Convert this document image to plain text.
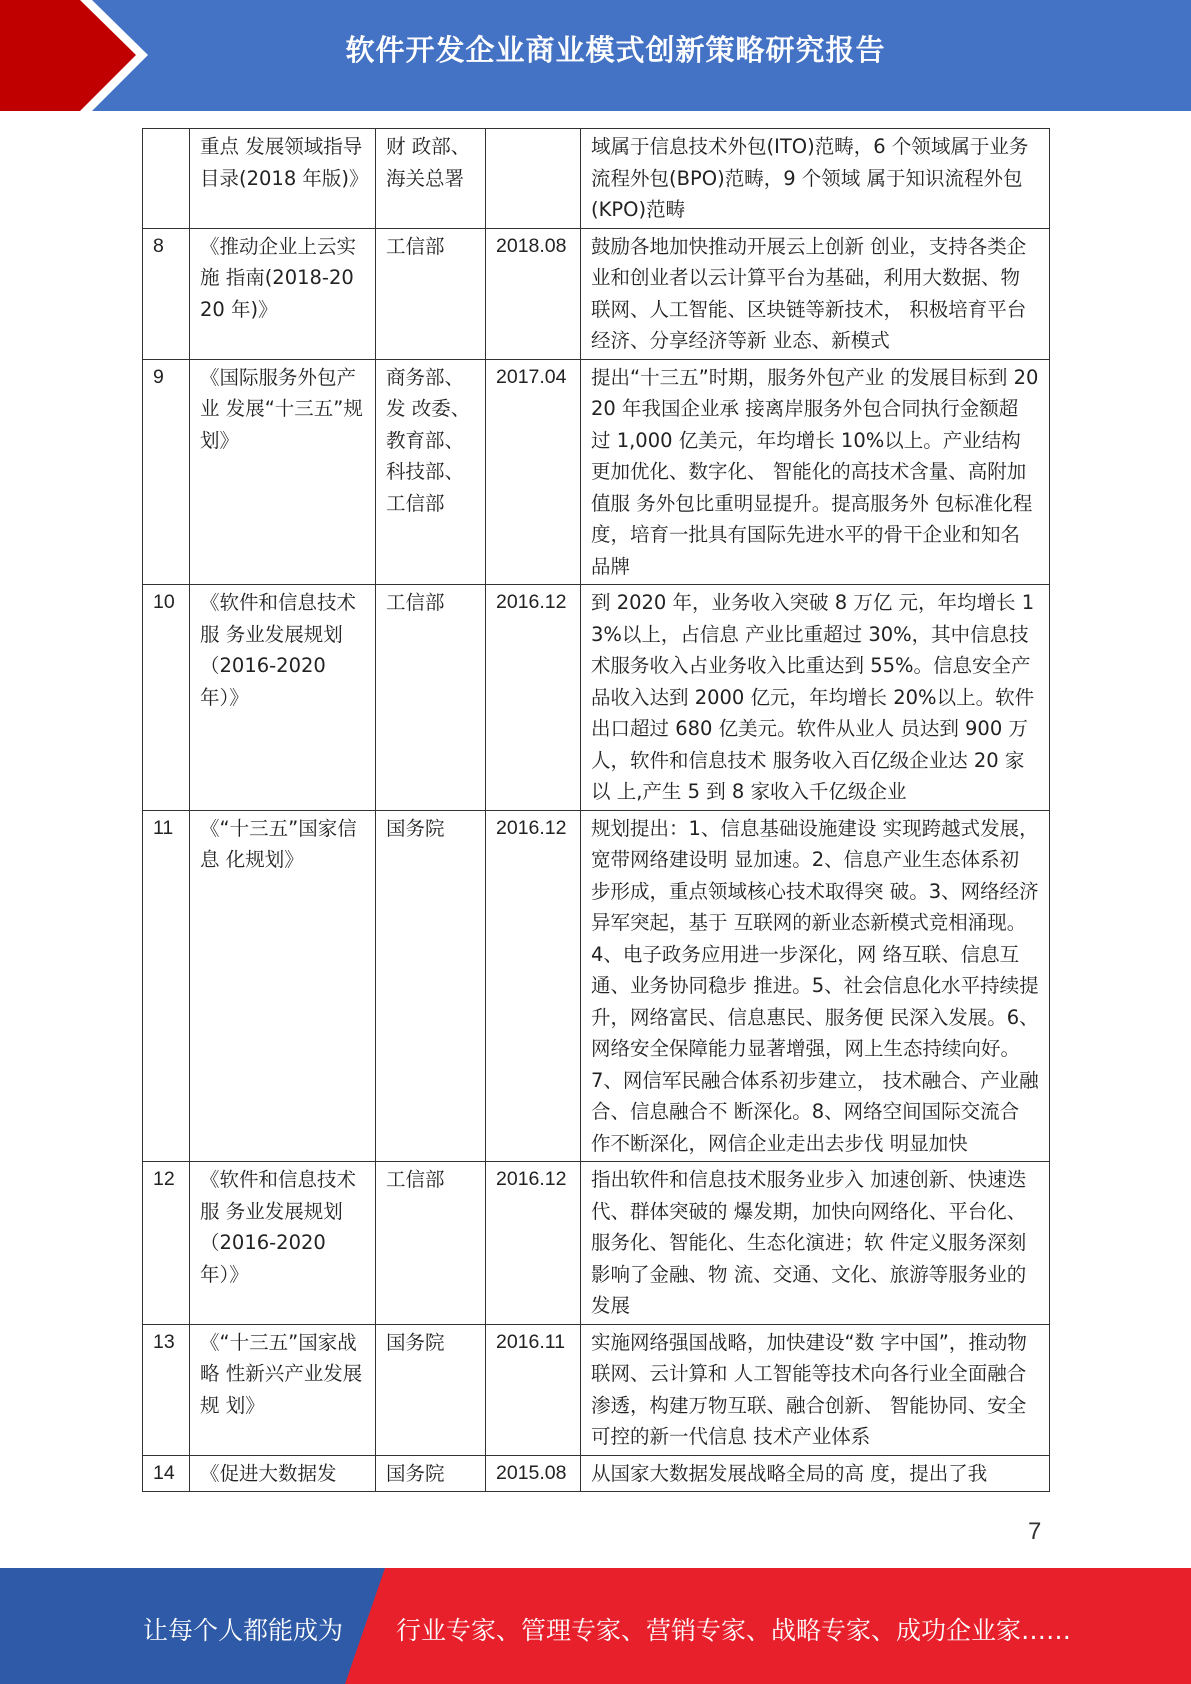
软件开发企业商业模式创新策略研究报告
	重点 发展领域指导目录(2018 年版)》	财 政部、海关总署		域属于信息技术外包(ITO)范畴，6 个领域属于业务 流程外包(BPO)范畴，9 个领域 属于知识流程外包(KPO)范畴
8	《推动企业上云实施 指南(2018-2020 年)》	工信部	2018.08	鼓励各地加快推动开展云上创新 创业，支持各类企业和创业者以云计算平台为基础，利用大数据、物 联网、人工智能、区块链等新技术， 积极培育平台经济、分享经济等新 业态、新模式
9	《国际服务外包产业 发展“十三五”规划》	商务部、发 改委、教育部、科技部、工信部	2017.04	提出“十三五”时期，服务外包产业 的发展目标到 2020 年我国企业承 接离岸服务外包合同执行金额超 过 1,000 亿美元，年均增长 10%以上。产业结构更加优化、数字化、 智能化的高技术含量、高附加值服 务外包比重明显提升。提高服务外 包标准化程度，培育一批具有国际先进水平的骨干企业和知名品牌
10	《软件和信息技术服 务业发展规划（2016-2020 年）》	工信部	2016.12	到 2020 年，业务收入突破 8 万亿 元，年均增长 13%以上，占信息 产业比重超过 30%，其中信息技 术服务收入占业务收入比重达到 55%。信息安全产品收入达到 2000 亿元，年均增长 20%以上。软件 出口超过 680 亿美元。软件从业人 员达到 900 万人，软件和信息技术 服务收入百亿级企业达 20 家以 上,产生 5 到 8 家收入千亿级企业
11	《“十三五”国家信息 化规划》	国务院	2016.12	规划提出：1、信息基础设施建设 实现跨越式发展，宽带网络建设明 显加速。2、信息产业生态体系初 步形成，重点领域核心技术取得突 破。3、网络经济异军突起，基于 互联网的新业态新模式竞相涌现。 4、电子政务应用进一步深化，网 络互联、信息互通、业务协同稳步 推进。5、社会信息化水平持续提 升，网络富民、信息惠民、服务便 民深入发展。6、网络安全保障能力显著增强，网上生态持续向好。 7、网信军民融合体系初步建立， 技术融合、产业融合、信息融合不 断深化。8、网络空间国际交流合 作不断深化，网信企业走出去步伐 明显加快
12	《软件和信息技术服 务业发展规划（2016-2020 年）》	工信部	2016.12	指出软件和信息技术服务业步入 加速创新、快速迭代、群体突破的 爆发期，加快向网络化、平台化、 服务化、智能化、生态化演进；软 件定义服务深刻影响了金融、物 流、交通、文化、旅游等服务业的 发展
13	《“十三五”国家战略 性新兴产业发展规 划》	国务院	2016.11	实施网络强国战略，加快建设“数 字中国”，推动物联网、云计算和 人工智能等技术向各行业全面融合渗透，构建万物互联、融合创新、 智能协同、安全可控的新一代信息 技术产业体系
14	《促进大数据发	国务院	2015.08	从国家大数据发展战略全局的高 度，提出了我
7
让每个人都能成为 行业专家、管理专家、营销专家、战略专家、成功企业家……
